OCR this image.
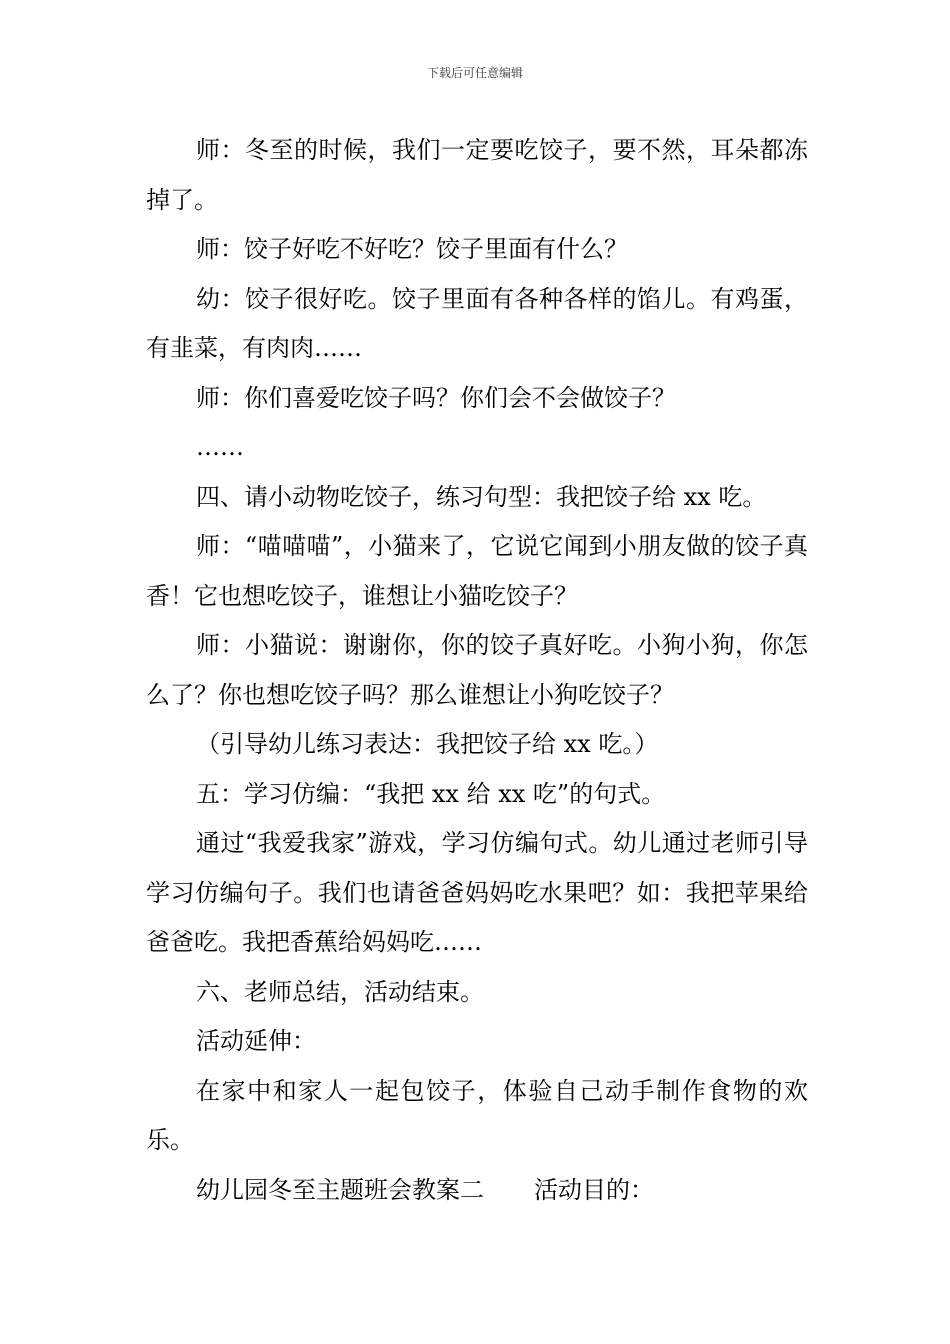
下载后可任意编辑

师：冬至的时候，我们一定要吃饺子，要不然，耳朵都冻掉了。

师：饺子好吃不好吃？饺子里面有什么？

幼：饺子很好吃。饺子里面有各种各样的馅儿。有鸡蛋，有韭菜，有肉肉……

师：你们喜爱吃饺子吗？你们会不会做饺子？

……

四、请小动物吃饺子，练习句型：我把饺子给 xx 吃。

师：“喵喵喵”，小猫来了，它说它闻到小朋友做的饺子真香！它也想吃饺子，谁想让小猫吃饺子？

师：小猫说：谢谢你，你的饺子真好吃。小狗小狗，你怎么了？你也想吃饺子吗？那么谁想让小狗吃饺子？

（引导幼儿练习表达：我把饺子给 xx 吃。）

五：学习仿编：“我把 xx 给 xx 吃”的句式。

通过“我爱我家”游戏，学习仿编句式。幼儿通过老师引导学习仿编句子。我们也请爸爸妈妈吃水果吧？如：我把苹果给爸爸吃。我把香蕉给妈妈吃……

六、老师总结，活动结束。

活动延伸：

在家中和家人一起包饺子，体验自己动手制作食物的欢乐。

幼儿园冬至主题班会教案二 活动目的：
